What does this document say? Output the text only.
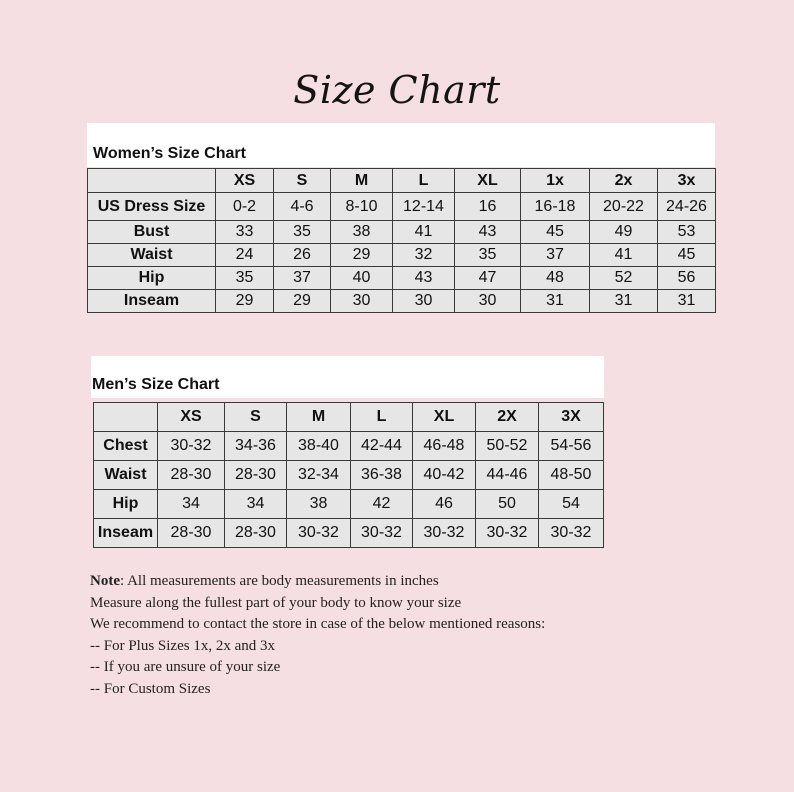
Size Chart
Women’s Size Chart
	XS	S	M	L	XL	1x	2x	3x
US Dress Size	0-2	4-6	8-10	12-14	16	16-18	20-22	24-26
Bust	33	35	38	41	43	45	49	53
Waist	24	26	29	32	35	37	41	45
Hip	35	37	40	43	47	48	52	56
Inseam	29	29	30	30	30	31	31	31
Men’s Size Chart
	XS	S	M	L	XL	2X	3X
Chest	30-32	34-36	38-40	42-44	46-48	50-52	54-56
Waist	28-30	28-30	32-34	36-38	40-42	44-46	48-50
Hip	34	34	38	42	46	50	54
Inseam	28-30	28-30	30-32	30-32	30-32	30-32	30-32
Note: All measurements are body measurements in inches
Measure along the fullest part of your body to know your size
We recommend to contact the store in case of the below mentioned reasons:
-- For Plus Sizes 1x, 2x and 3x
-- If you are unsure of your size
-- For Custom Sizes
